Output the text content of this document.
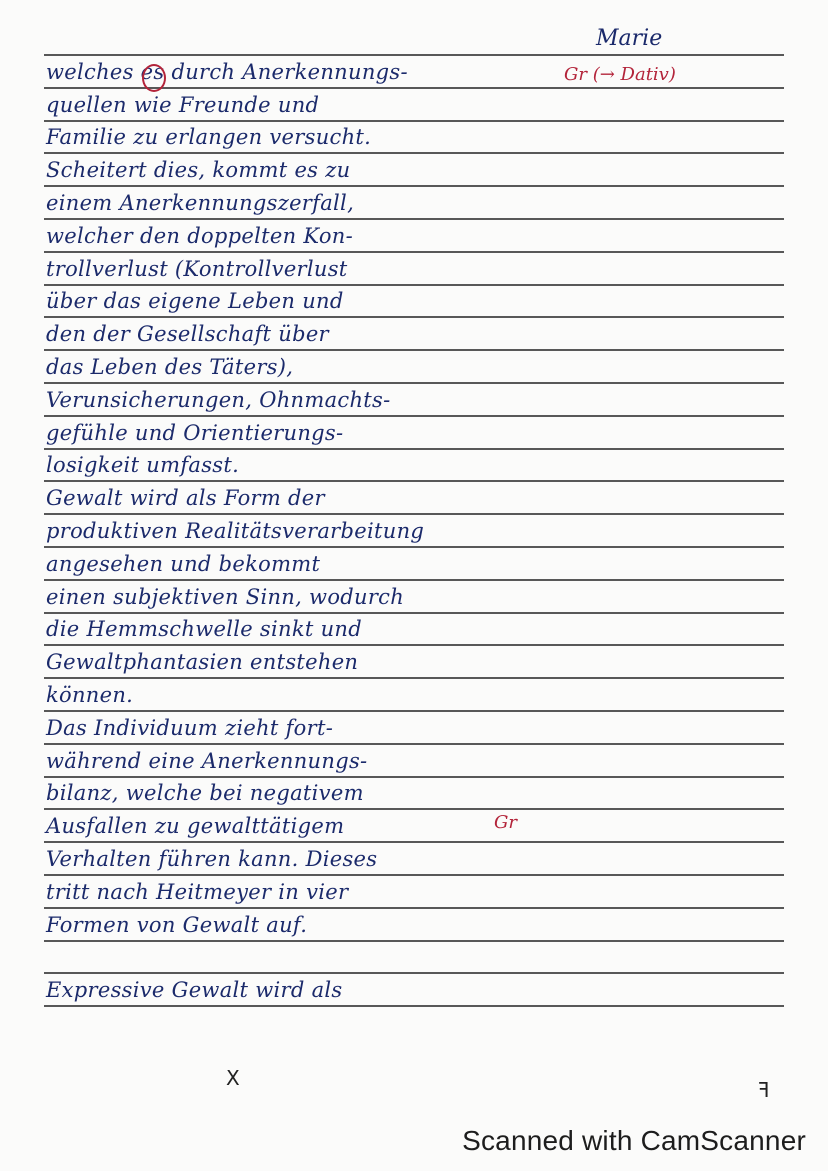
welches es durch Anerkennungs-
quellen wie Freunde und
Familie zu erlangen versucht.
Scheitert dies, kommt es zu
einem Anerkennungszerfall,
welcher den doppelten Kon-
trollverlust (Kontrollverlust
über das eigene Leben und
den der Gesellschaft über
das Leben des Täters),
Verunsicherungen, Ohnmachts-
gefühle und Orientierungs-
losigkeit umfasst.
Gewalt wird als Form der
produktiven Realitätsverarbeitung
angesehen und bekommt
einen subjektiven Sinn, wodurch
die Hemmschwelle sinkt und
Gewaltphantasien entstehen
können.
Das Individuum zieht fort-
während eine Anerkennungs-
bilanz, welche bei negativem
Ausfallen zu gewalttätigem
Verhalten führen kann. Dieses
tritt nach Heitmeyer in vier
Formen von Gewalt auf.
Expressive Gewalt wird als
Marie
Gr (→ Dativ)
Gr
X	ꟻ
Scanned with CamScanner
